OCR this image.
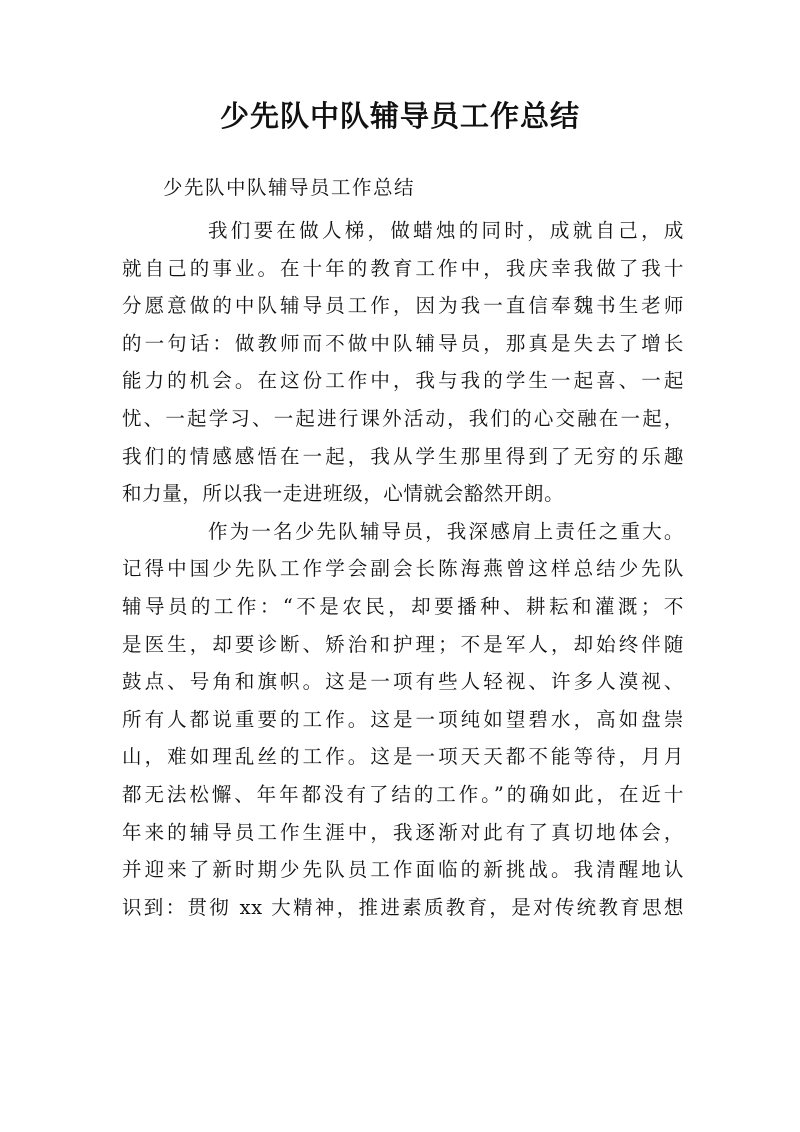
少先队中队辅导员工作总结

少先队中队辅导员工作总结

我们要在做人梯，做蜡烛的同时，成就自己，成
就自己的事业。在十年的教育工作中，我庆幸我做了我十
分愿意做的中队辅导员工作，因为我一直信奉魏书生老师
的一句话：做教师而不做中队辅导员，那真是失去了增长
能力的机会。在这份工作中，我与我的学生一起喜、一起
忧、一起学习、一起进行课外活动，我们的心交融在一起，
我们的情感感悟在一起，我从学生那里得到了无穷的乐趣
和力量，所以我一走进班级，心情就会豁然开朗。
作为一名少先队辅导员，我深感肩上责任之重大。
记得中国少先队工作学会副会长陈海燕曾这样总结少先队
辅导员的工作：“不是农民，却要播种、耕耘和灌溉；不
是医生，却要诊断、矫治和护理；不是军人，却始终伴随
鼓点、号角和旗帜。这是一项有些人轻视、许多人漠视、
所有人都说重要的工作。这是一项纯如望碧水，高如盘崇
山，难如理乱丝的工作。这是一项天天都不能等待，月月
都无法松懈、年年都没有了结的工作。”的确如此，在近十
年来的辅导员工作生涯中，我逐渐对此有了真切地体会，
并迎来了新时期少先队员工作面临的新挑战。我清醒地认
识到：贯彻 xx 大精神，推进素质教育，是对传统教育思想
